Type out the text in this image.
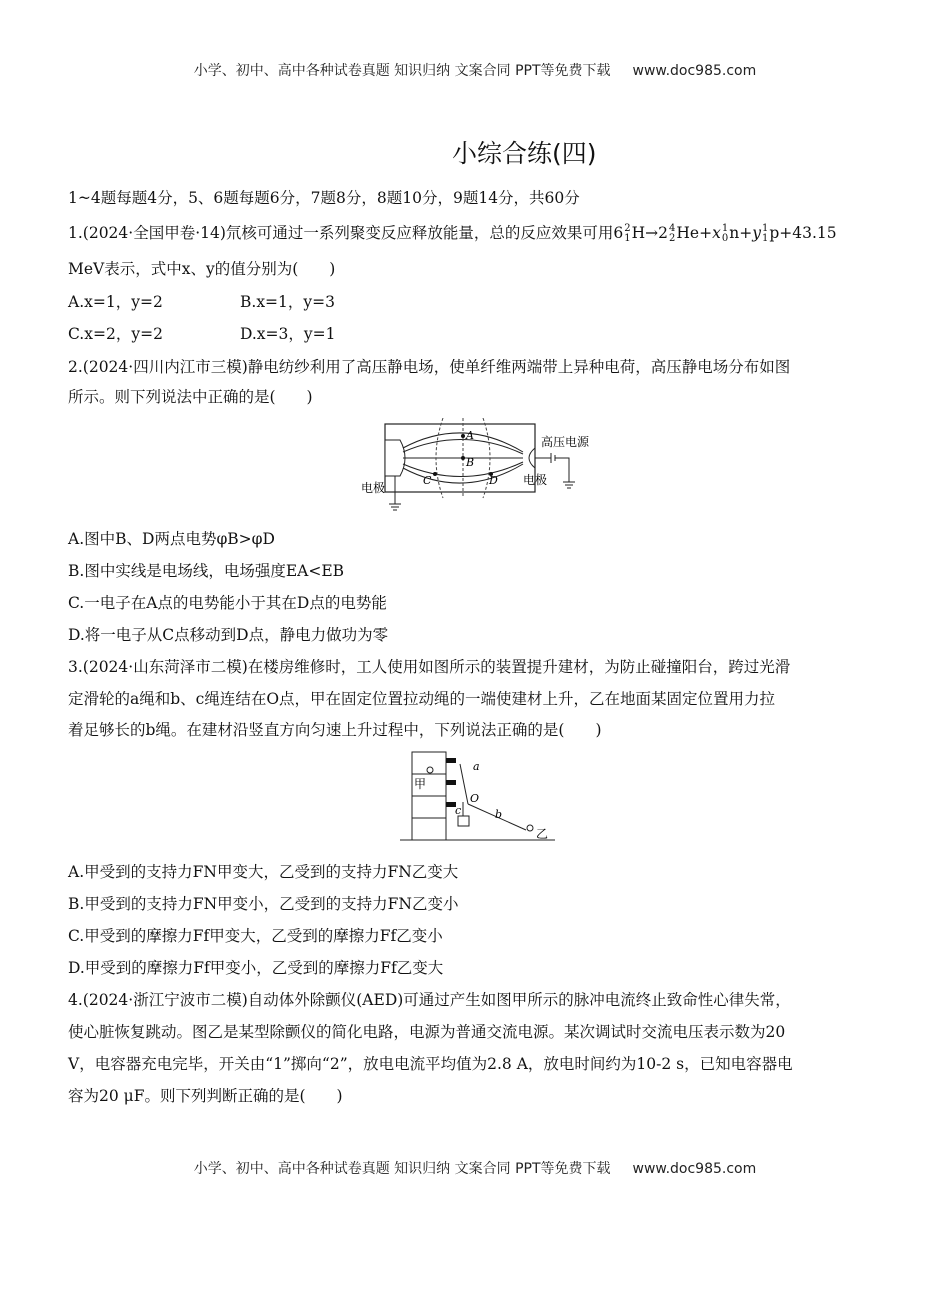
小学、初中、高中各种试卷真题 知识归纳 文案合同 PPT等免费下载 www.doc985.com
小综合练(四)
1~4题每题4分，5、6题每题6分，7题8分，8题10分，9题14分，共60分
1.(2024·全国甲卷·14)氘核可通过一系列聚变反应释放能量，总的反应效果可用62
1H→24
2He+x1
0n+y1
1p+43.15
MeV表示，式中x、y的值分别为(　　)
A.x=1，y=2	B.x=1，y=3
C.x=2，y=2	D.x=3，y=1
2.(2024·四川内江市三模)静电纺纱利用了高压静电场，使单纤维两端带上异种电荷，高压静电场分布如图
所示。则下列说法中正确的是(　　)
A
B
C	D
高压电源
电极
电极
A.图中B、D两点电势φB>φD
B.图中实线是电场线，电场强度EA<EB
C.一电子在A点的电势能小于其在D点的电势能
D.将一电子从C点移动到D点，静电力做功为零
3.(2024·山东菏泽市二模)在楼房维修时，工人使用如图所示的装置提升建材，为防止碰撞阳台，跨过光滑
定滑轮的a绳和b、c绳连结在O点，甲在固定位置拉动绳的一端使建材上升，乙在地面某固定位置用力拉
着足够长的b绳。在建材沿竖直方向匀速上升过程中，下列说法正确的是(　　)
甲
乙
a
b
c
O
A.甲受到的支持力FN甲变大，乙受到的支持力FN乙变大
B.甲受到的支持力FN甲变小，乙受到的支持力FN乙变小
C.甲受到的摩擦力Ff甲变大，乙受到的摩擦力Ff乙变小
D.甲受到的摩擦力Ff甲变小，乙受到的摩擦力Ff乙变大
4.(2024·浙江宁波市二模)自动体外除颤仪(AED)可通过产生如图甲所示的脉冲电流终止致命性心律失常，
使心脏恢复跳动。图乙是某型除颤仪的简化电路，电源为普通交流电源。某次调试时交流电压表示数为20
V，电容器充电完毕，开关由“1”掷向“2”，放电电流平均值为2.8 A，放电时间约为10-2 s，已知电容器电
容为20 μF。则下列判断正确的是(　　)
小学、初中、高中各种试卷真题 知识归纳 文案合同 PPT等免费下载 www.doc985.com
